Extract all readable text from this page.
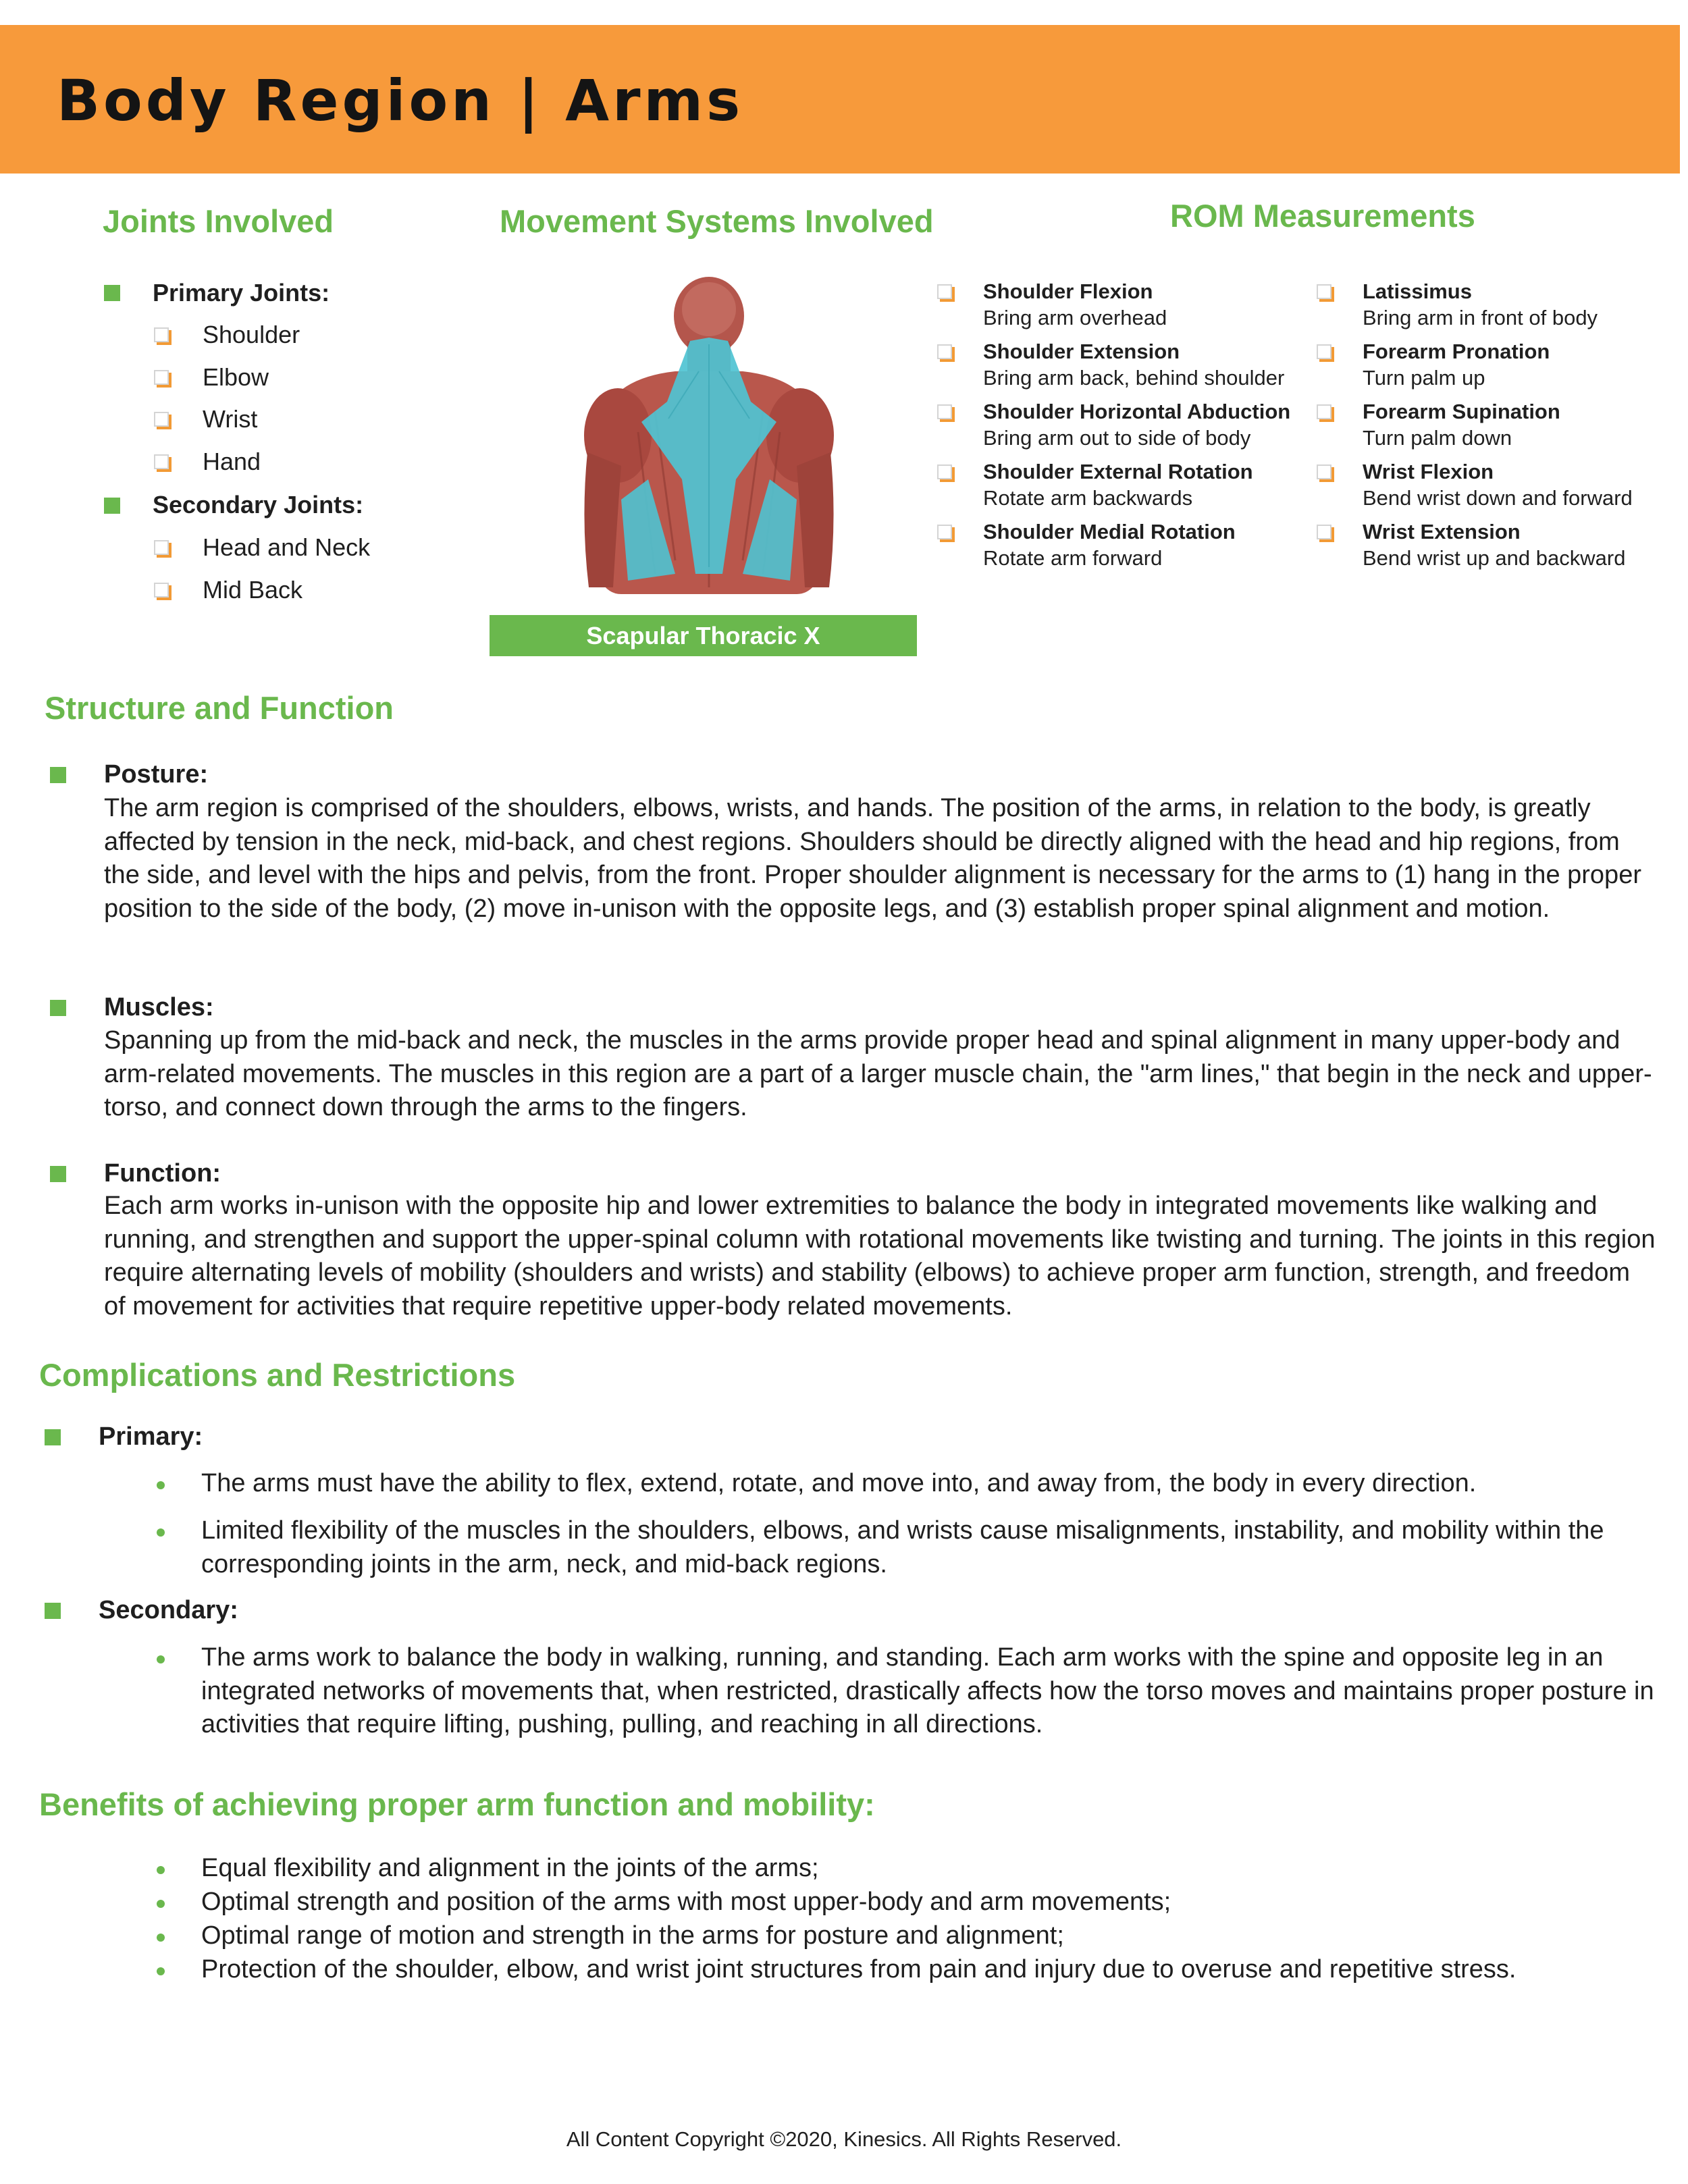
Body Region | Arms
Joints Involved	Movement Systems Involved	ROM Measurements
Primary Joints:
Shoulder
Elbow
Wrist
Hand
Secondary Joints:
Head and Neck
Mid Back
Scapular Thoracic X
Shoulder Flexion
Bring arm overhead
Shoulder Extension
Bring arm back, behind shoulder
Shoulder Horizontal Abduction
Bring arm out to side of body
Shoulder External Rotation
Rotate arm backwards
Shoulder Medial Rotation
Rotate arm forward
Latissimus
Bring arm in front of body
Forearm Pronation
Turn palm up
Forearm Supination
Turn palm down
Wrist Flexion
Bend wrist down and forward
Wrist Extension
Bend wrist up and backward
Structure and Function
Posture:
The arm region is comprised of the shoulders, elbows, wrists, and hands. The position of the arms, in relation to the body, is greatly affected by tension in the neck, mid-back, and chest regions. Shoulders should be directly aligned with the head and hip regions, from the side, and level with the hips and pelvis, from the front. Proper shoulder alignment is necessary for the arms to (1) hang in the proper position to the side of the body, (2) move in-unison with the opposite legs, and (3) establish proper spinal alignment and motion.
Muscles:
Spanning up from the mid-back and neck, the muscles in the arms provide proper head and spinal alignment in many upper-body and arm-related movements. The muscles in this region are a part of a larger muscle chain, the "arm lines," that begin in the neck and upper-torso, and connect down through the arms to the fingers.
Function:
Each arm works in-unison with the opposite hip and lower extremities to balance the body in integrated movements like walking and running, and strengthen and support the upper-spinal column with rotational movements like twisting and turning. The joints in this region require alternating levels of mobility (shoulders and wrists) and stability (elbows) to achieve proper arm function, strength, and freedom of movement for activities that require repetitive upper-body related movements.
Complications and Restrictions
Primary:
The arms must have the ability to flex, extend, rotate, and move into, and away from, the body in every direction.
Limited flexibility of the muscles in the shoulders, elbows, and wrists cause misalignments, instability, and mobility within the corresponding joints in the arm, neck, and mid-back regions.
Secondary:
The arms work to balance the body in walking, running, and standing. Each arm works with the spine and opposite leg in an integrated networks of movements that, when restricted, drastically affects how the torso moves and maintains proper posture in activities that require lifting, pushing, pulling, and reaching in all directions.
Benefits of achieving proper arm function and mobility:
Equal flexibility and alignment in the joints of the arms;
Optimal strength and position of the arms with most upper-body and arm movements;
Optimal range of motion and strength in the arms for posture and alignment;
Protection of the shoulder, elbow, and wrist joint structures from pain and injury due to overuse and repetitive stress.
All Content Copyright ©2020, Kinesics. All Rights Reserved.
